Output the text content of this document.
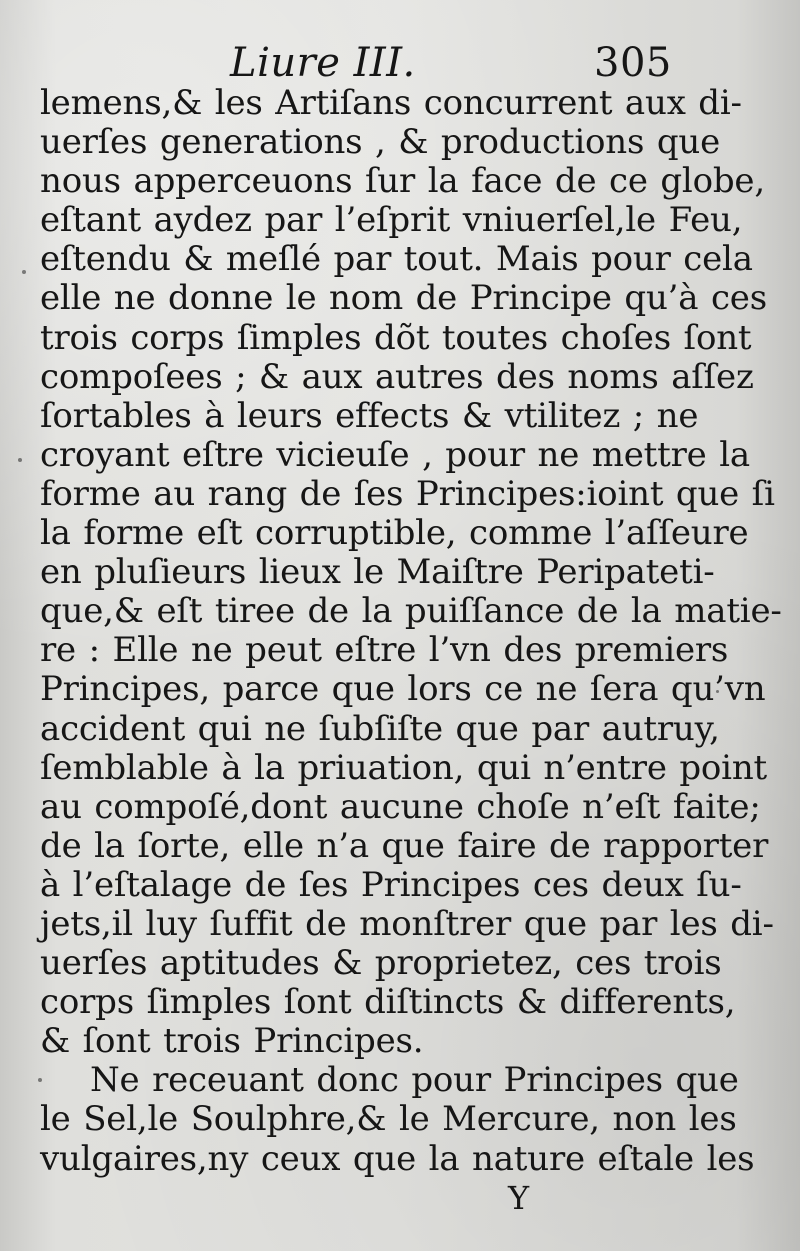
Liure III.	305
lemens,& les Artiſans concurrent aux di-
uerſes generations , & productions que
nous apperceuons ſur la face de ce globe,
eſtant aydez par l’eſprit vniuerſel,le Feu,
eſtendu & meſlé par tout. Mais pour cela
elle ne donne le nom de Principe qu’à ces
trois corps ſimples dõt toutes choſes ſont
compoſees ; & aux autres des noms aſſez
ſortables à leurs effects & vtilitez ; ne
croyant eſtre vicieuſe , pour ne mettre la
forme au rang de ſes Principes:ioint que ſi
la forme eſt corruptible, comme l’aſſeure
en pluſieurs lieux le Maiſtre Peripateti-
que,& eſt tiree de la puiſſance de la matie-
re : Elle ne peut eſtre l’vn des premiers
Principes, parce que lors ce ne ſera qu’vn
accident qui ne ſubſiſte que par autruy,
ſemblable à la priuation, qui n’entre point
au compoſé,dont aucune choſe n’eſt faite;
de la ſorte, elle n’a que faire de rapporter
à l’eſtalage de ſes Principes ces deux ſu-
jets,il luy ſuffit de monſtrer que par les di-
uerſes aptitudes & proprietez, ces trois
corps ſimples ſont diſtincts & differents,
& ſont trois Principes.
Ne receuant donc pour Principes que
le Sel,le Soulphre,& le Mercure, non les
vulgaires,ny ceux que la nature eſtale les
Y
